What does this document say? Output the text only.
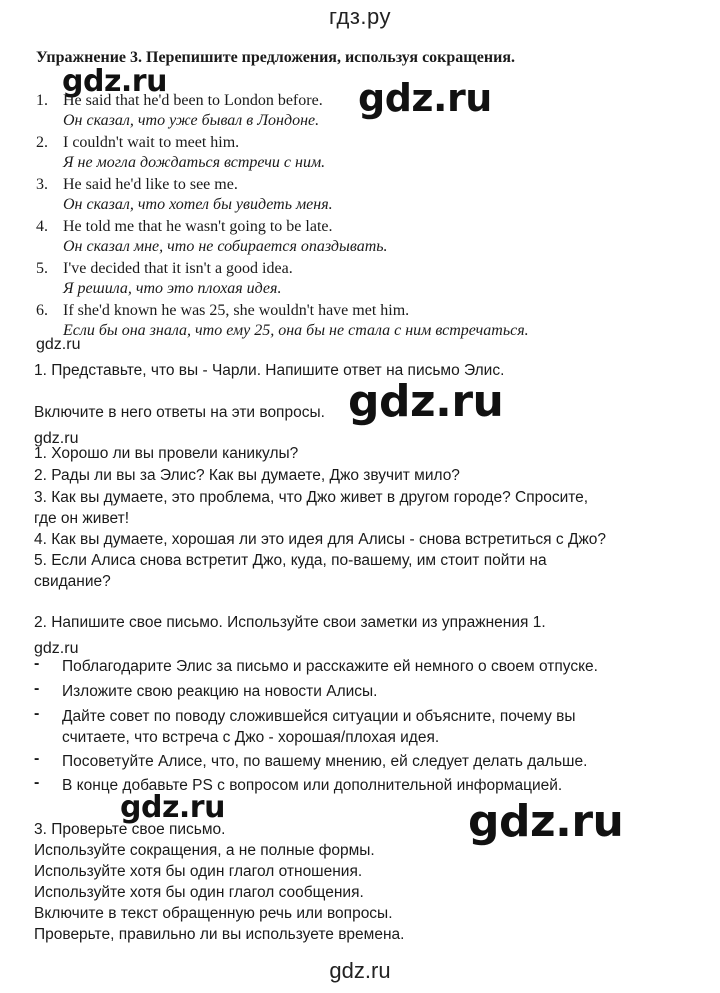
гдз.ру
Упражнение 3. Перепишите предложения, используя сокращения.
gdz.ru
1. He said that he'd been to London before.
Он сказал, что уже бывал в Лондоне.
gdz.ru
2. I couldn't wait to meet him.
Я не могла дождаться встречи с ним.
3. He said he'd like to see me.
Он сказал, что хотел бы увидеть меня.
4. He told me that he wasn't going to be late.
Он сказал мне, что не собирается опаздывать.
5. I've decided that it isn't a good idea.
Я решила, что это плохая идея.
6. If she'd known he was 25, she wouldn't have met him.
Если бы она знала, что ему 25, она бы не стала с ним встречаться.
gdz.ru
1. Представьте, что вы - Чарли. Напишите ответ на письмо Элис.
Включите в него ответы на эти вопросы. gdz.ru
gdz.ru
1. Хорошо ли вы провели каникулы?
2. Рады ли вы за Элис? Как вы думаете, Джо звучит мило?
3. Как вы думаете, это проблема, что Джо живет в другом городе? Спросите,
где он живет!
4. Как вы думаете, хорошая ли это идея для Алисы - снова встретиться с Джо?
5. Если Алиса снова встретит Джо, куда, по-вашему, им стоит пойти на
свидание?
2. Напишите свое письмо. Используйте свои заметки из упражнения 1.
gdz.ru
- Поблагодарите Элис за письмо и расскажите ей немного о своем отпуске.
- Изложите свою реакцию на новости Алисы.
- Дайте совет по поводу сложившейся ситуации и объясните, почему вы
считаете, что встреча с Джо - хорошая/плохая идея.
- Посоветуйте Алисе, что, по вашему мнению, ей следует делать дальше.
- В конце добавьте PS с вопросом или дополнительной информацией.
gdz.ru	gdz.ru
3. Проверьте свое письмо.
Используйте сокращения, а не полные формы.
Используйте хотя бы один глагол отношения.
Используйте хотя бы один глагол сообщения.
Включите в текст обращенную речь или вопросы.
Проверьте, правильно ли вы используете времена.
gdz.ru
